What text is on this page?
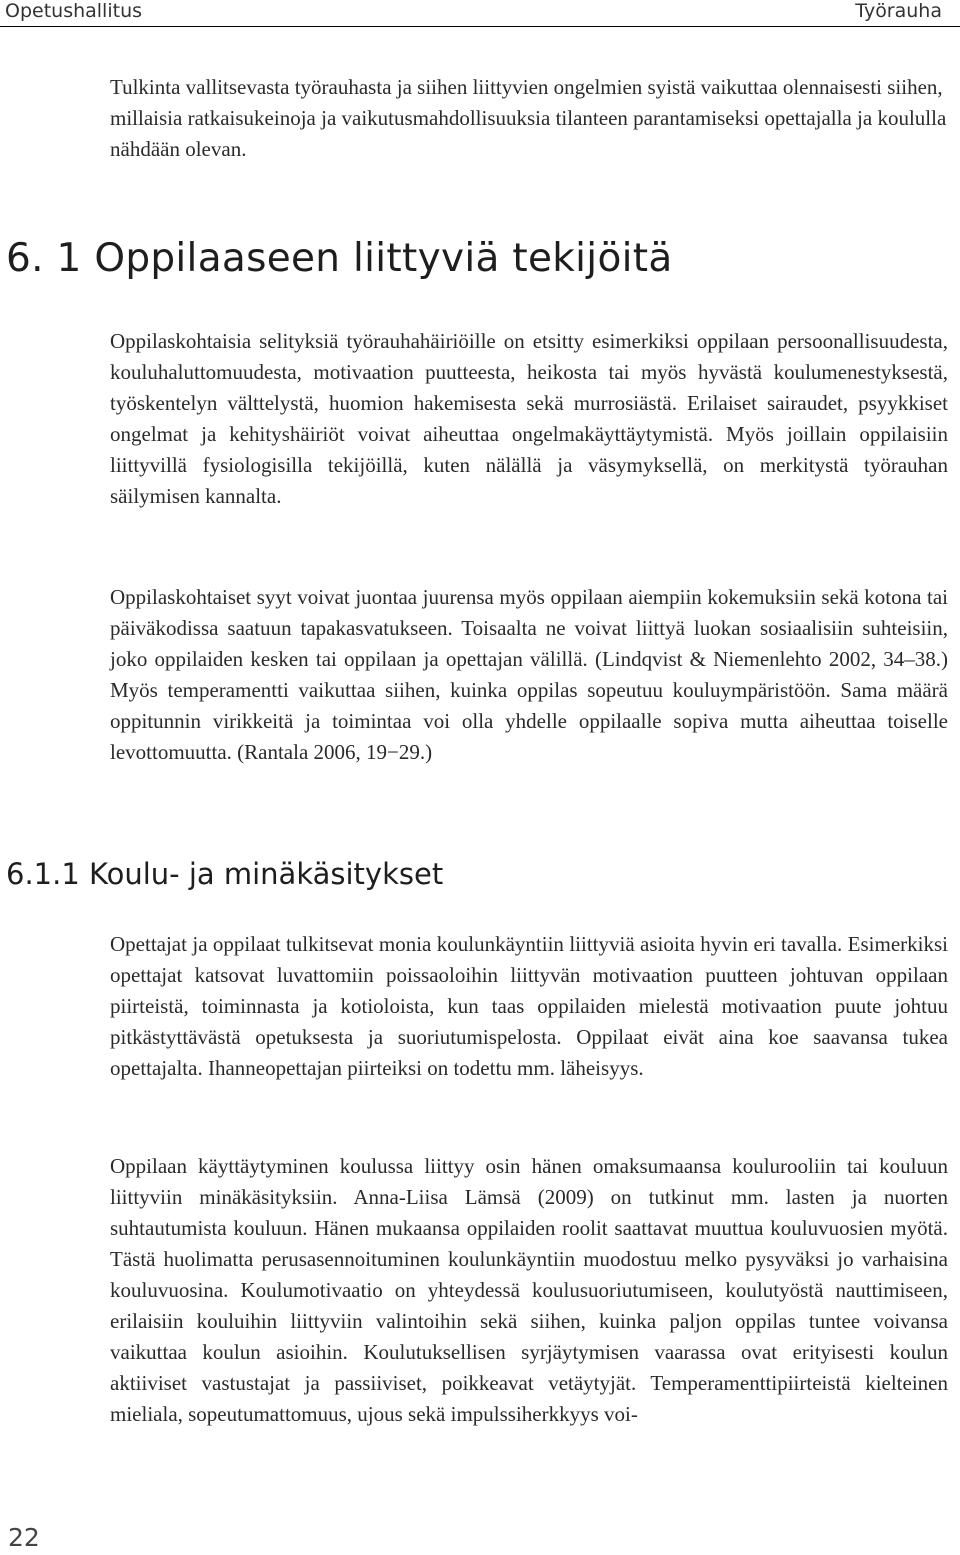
Opetushallitus	Työrauha

Tulkinta vallitsevasta työrauhasta ja siihen liittyvien ongelmien syistä vaikuttaa olennaisesti siihen, millaisia ratkaisukeinoja ja vaikutusmahdollisuuksia tilanteen parantamiseksi opettajalla ja koululla nähdään olevan.

6. 1 Oppilaaseen liittyviä tekijöitä

Oppilaskohtaisia selityksiä työrauhahäiriöille on etsitty esimerkiksi oppilaan persoonallisuudesta, kouluhaluttomuudesta, motivaation puutteesta, heikosta tai myös hyvästä koulumenestyksestä, työskentelyn välttelystä, huomion hakemisesta sekä murrosiästä. Erilaiset sairaudet, psyykkiset ongelmat ja kehityshäiriöt voivat aiheuttaa ongelmakäyttäytymistä. Myös joillain oppilaisiin liittyvillä fysiologisilla tekijöillä, kuten nälällä ja väsymyksellä, on merkitystä työrauhan säilymisen kannalta.

Oppilaskohtaiset syyt voivat juontaa juurensa myös oppilaan aiempiin kokemuksiin sekä kotona tai päiväkodissa saatuun tapakasvatukseen. Toisaalta ne voivat liittyä luokan sosiaalisiin suhteisiin, joko oppilaiden kesken tai oppilaan ja opettajan välillä. (Lindqvist & Niemenlehto 2002, 34–38.) Myös temperamentti vaikuttaa siihen, kuinka oppilas sopeutuu kouluympäristöön. Sama määrä oppitunnin virikkeitä ja toimintaa voi olla yhdelle oppilaalle sopiva mutta aiheuttaa toiselle levottomuutta. (Rantala 2006, 19−29.)

6.1.1 Koulu- ja minäkäsitykset

Opettajat ja oppilaat tulkitsevat monia koulunkäyntiin liittyviä asioita hyvin eri tavalla. Esimerkiksi opettajat katsovat luvattomiin poissaoloihin liittyvän motivaation puutteen johtuvan oppilaan piirteistä, toiminnasta ja kotioloista, kun taas oppilaiden mielestä motivaation puute johtuu pitkästyttävästä opetuksesta ja suoriutumispelosta. Oppilaat eivät aina koe saavansa tukea opettajalta. Ihanneopettajan piirteiksi on todettu mm. läheisyys.

Oppilaan käyttäytyminen koulussa liittyy osin hänen omaksumaansa koulurooliin tai kouluun liittyviin minäkäsityksiin. Anna-Liisa Lämsä (2009) on tutkinut mm. lasten ja nuorten suhtautumista kouluun. Hänen mukaansa oppilaiden roolit saattavat muuttua kouluvuosien myötä. Tästä huolimatta perusasennoituminen koulunkäyntiin muodostuu melko pysyväksi jo varhaisina kouluvuosina. Koulumotivaatio on yhteydessä koulusuoriutumiseen, koulutyöstä nauttimiseen, erilaisiin kouluihin liittyviin valintoihin sekä siihen, kuinka paljon oppilas tuntee voivansa vaikuttaa koulun asioihin. Koulutuksellisen syrjäytymisen vaarassa ovat erityisesti koulun aktiiviset vastustajat ja passiiviset, poikkeavat vetäytyjät. Temperamenttipiirteistä kielteinen mieliala, sopeutumattomuus, ujous sekä impulssiherkkyys voi-

22
